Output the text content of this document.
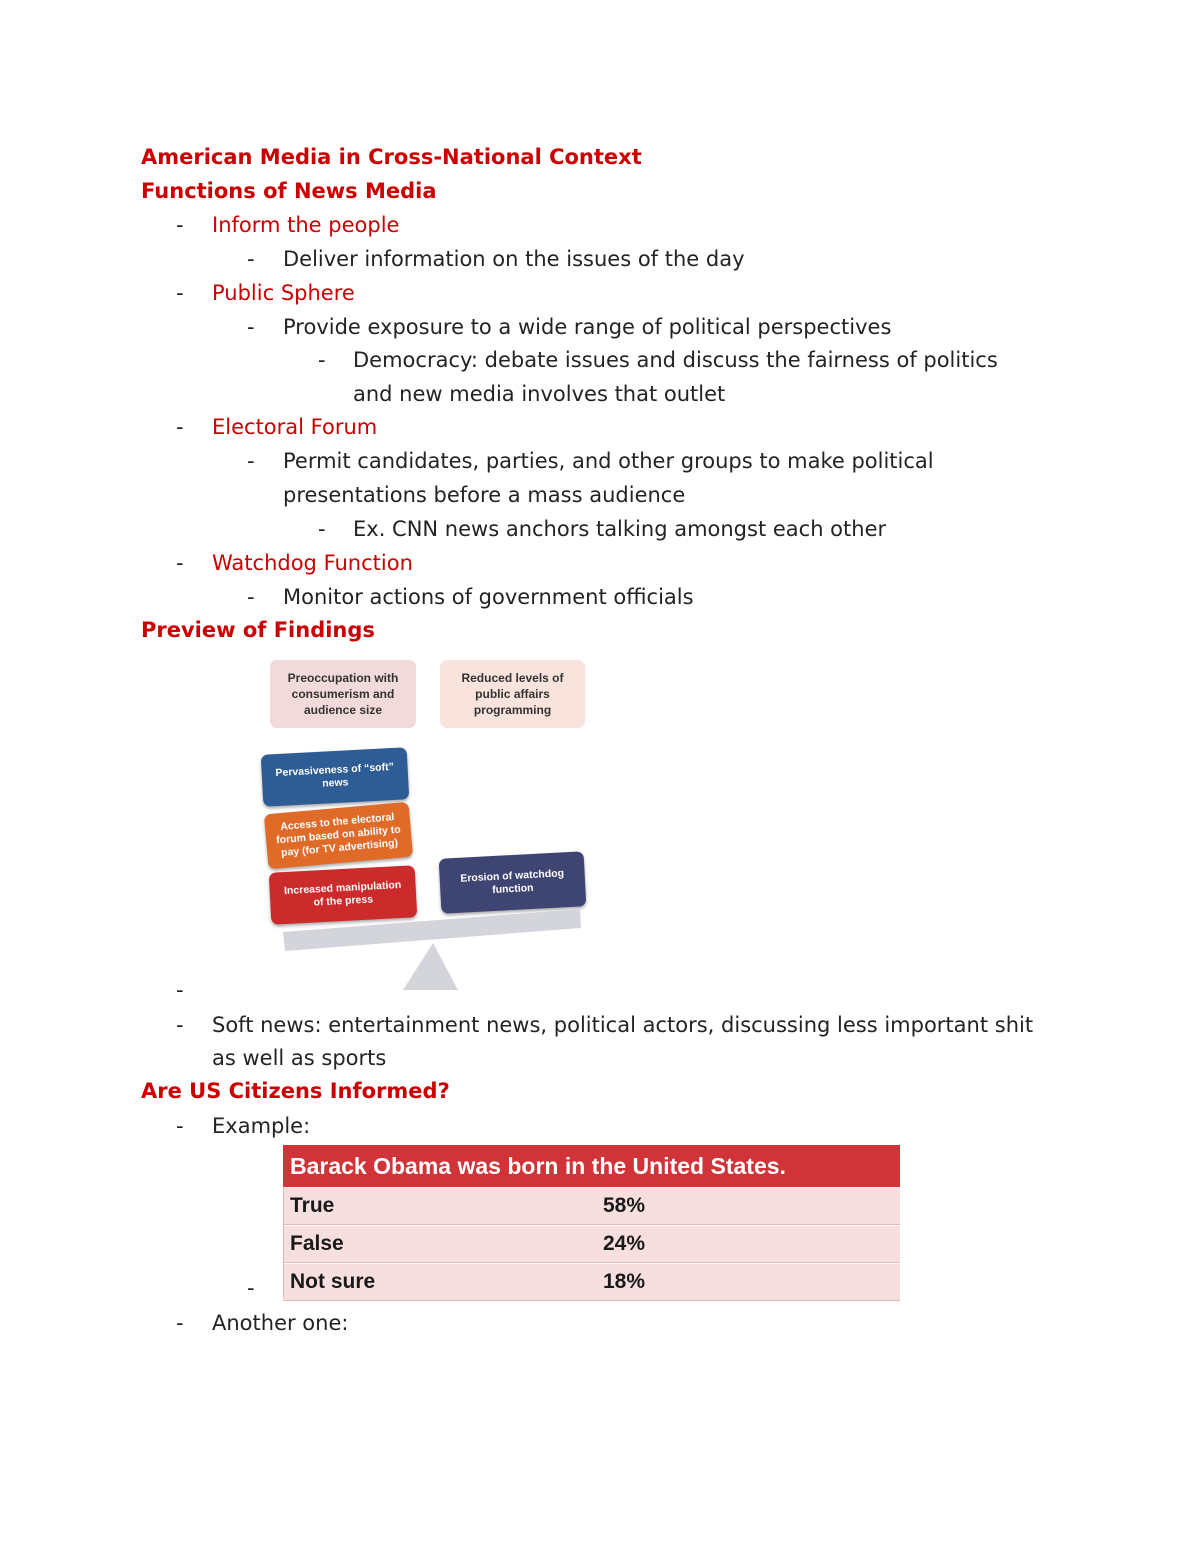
American Media in Cross-National Context
Functions of News Media
- Inform the people
- Deliver information on the issues of the day
- Public Sphere
- Provide exposure to a wide range of political perspectives
- Democracy: debate issues and discuss the fairness of politics
and new media involves that outlet
- Electoral Forum
- Permit candidates, parties, and other groups to make political
presentations before a mass audience
- Ex. CNN news anchors talking amongst each other
- Watchdog Function
- Monitor actions of government officials
Preview of Findings
Preoccupation with consumerism and audience size
Reduced levels of public affairs programming
Pervasiveness of “soft” news
Access to the electoral forum based on ability to pay (for TV advertising)
Increased manipulation of the press
Erosion of watchdog function
-
- Soft news: entertainment news, political actors, discussing less important shit
as well as sports
Are US Citizens Informed?
- Example:
Barack Obama was born in the United States.
True	58%
False	24%
Not sure	18%
-
- Another one:
